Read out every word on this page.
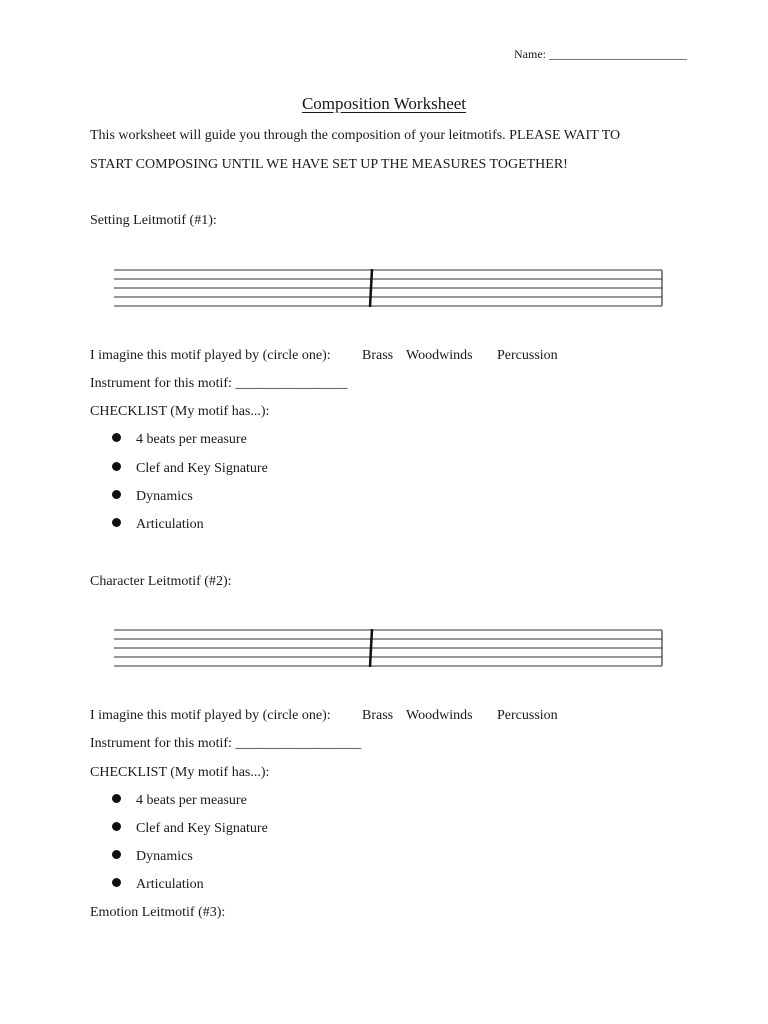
Name: _______________________
Composition Worksheet
This worksheet will guide you through the composition of your leitmotifs. PLEASE WAIT TO
START COMPOSING UNTIL WE HAVE SET UP THE MEASURES TOGETHER!
Setting Leitmotif (#1):
I imagine this motif played by (circle one): Brass Woodwinds Percussion
Instrument for this motif: ________________
CHECKLIST (My motif has...):
4 beats per measure
Clef and Key Signature
Dynamics
Articulation
Character Leitmotif (#2):
I imagine this motif played by (circle one): Brass Woodwinds Percussion
Instrument for this motif: __________________
CHECKLIST (My motif has...):
4 beats per measure
Clef and Key Signature
Dynamics
Articulation
Emotion Leitmotif (#3):
